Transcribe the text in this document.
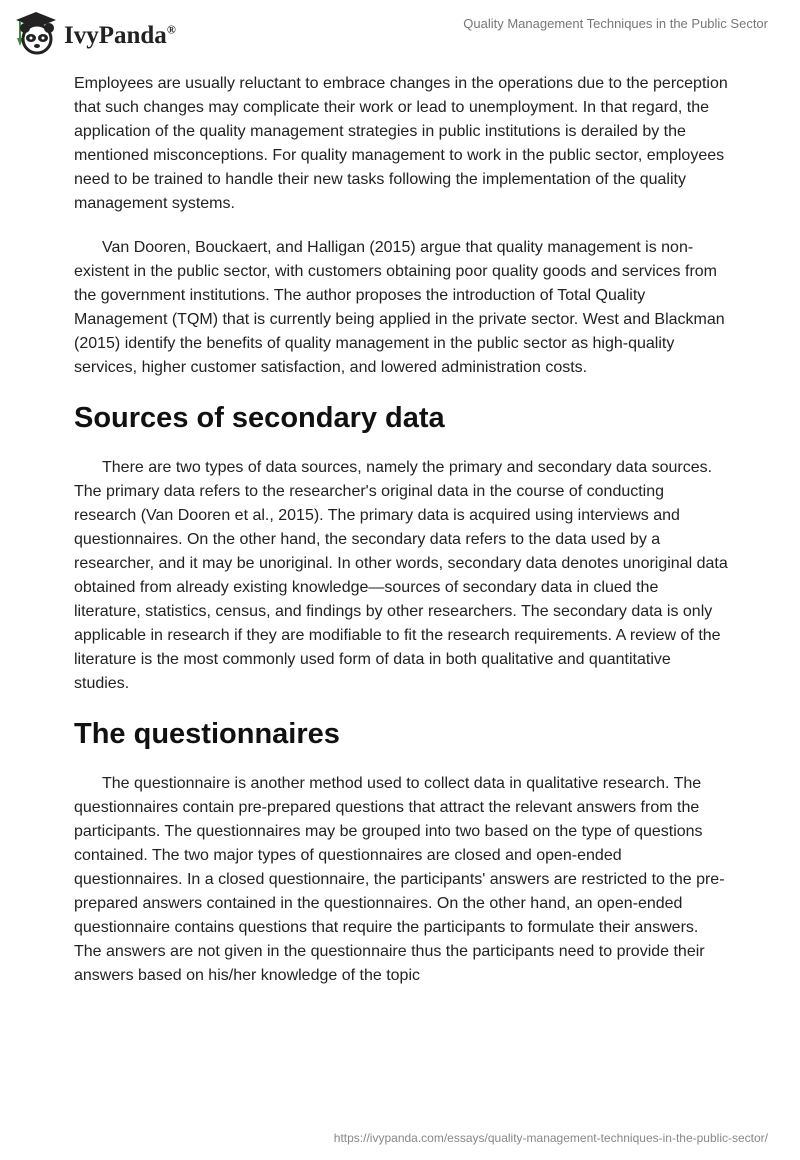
IvyPanda®	Quality Management Techniques in the Public Sector

Employees are usually reluctant to embrace changes in the operations due to the perception that such changes may complicate their work or lead to unemployment. In that regard, the application of the quality management strategies in public institutions is derailed by the mentioned misconceptions. For quality management to work in the public sector, employees need to be trained to handle their new tasks following the implementation of the quality management systems.

Van Dooren, Bouckaert, and Halligan (2015) argue that quality management is non-existent in the public sector, with customers obtaining poor quality goods and services from the government institutions. The author proposes the introduction of Total Quality Management (TQM) that is currently being applied in the private sector. West and Blackman (2015) identify the benefits of quality management in the public sector as high-quality services, higher customer satisfaction, and lowered administration costs.

Sources of secondary data

There are two types of data sources, namely the primary and secondary data sources. The primary data refers to the researcher's original data in the course of conducting research (Van Dooren et al., 2015). The primary data is acquired using interviews and questionnaires. On the other hand, the secondary data refers to the data used by a researcher, and it may be unoriginal. In other words, secondary data denotes unoriginal data obtained from already existing knowledge—sources of secondary data in clued the literature, statistics, census, and findings by other researchers. The secondary data is only applicable in research if they are modifiable to fit the research requirements. A review of the literature is the most commonly used form of data in both qualitative and quantitative studies.

The questionnaires

The questionnaire is another method used to collect data in qualitative research. The questionnaires contain pre-prepared questions that attract the relevant answers from the participants. The questionnaires may be grouped into two based on the type of questions contained. The two major types of questionnaires are closed and open-ended questionnaires. In a closed questionnaire, the participants' answers are restricted to the pre-prepared answers contained in the questionnaires. On the other hand, an open-ended questionnaire contains questions that require the participants to formulate their answers. The answers are not given in the questionnaire thus the participants need to provide their answers based on his/her knowledge of the topic

https://ivypanda.com/essays/quality-management-techniques-in-the-public-sector/
